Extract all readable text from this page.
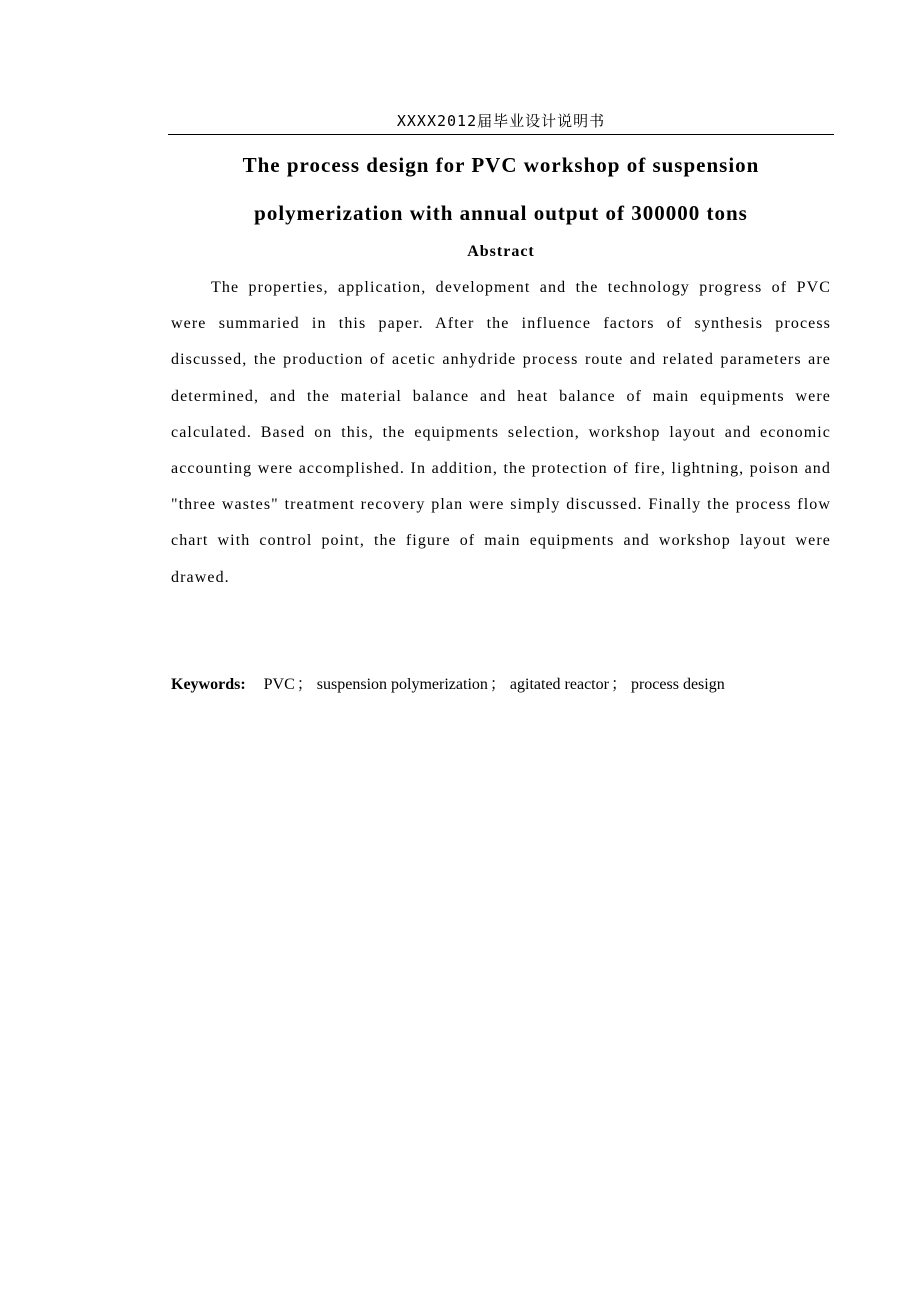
XXXX2012届毕业设计说明书
The process design for PVC workshop of suspension
polymerization with annual output of 300000 tons
Abstract

The properties, application, development and the technology progress of PVC were summaried in this paper. After the influence factors of synthesis process discussed, the production of acetic anhydride process route and related parameters are determined, and the material balance and heat balance of main equipments were calculated. Based on this, the equipments selection, workshop layout and economic accounting were accomplished. In addition, the protection of fire, lightning, poison and "three wastes" treatment recovery plan were simply discussed. Finally the process flow chart with control point, the figure of main equipments and workshop layout were drawed.

Keywords: PVC ； suspension polymerization ； agitated reactor ； process design
